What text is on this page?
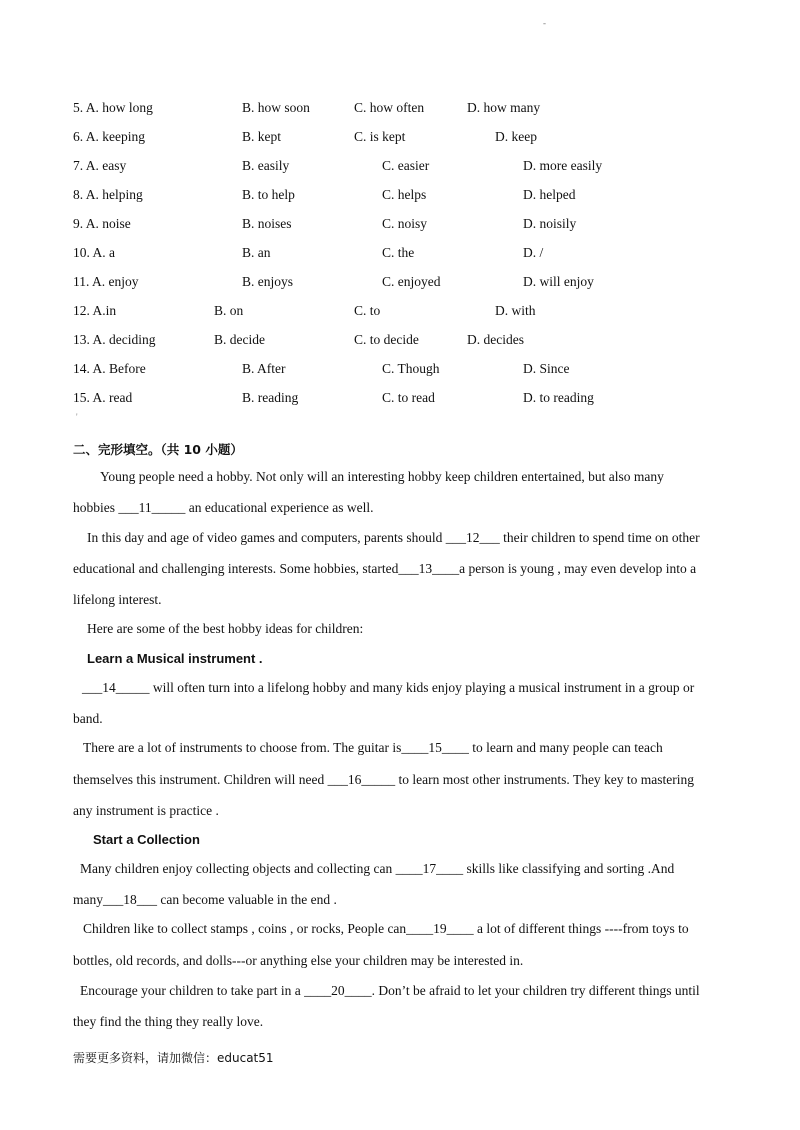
-
5. A. how long	B. how soon	C. how often	D. how many
6. A. keeping	B. kept	C. is kept	D. keep
7. A. easy	B. easily	C. easier	D. more easily
8. A. helping	B. to help	C. helps	D. helped
9. A. noise	B. noises	C. noisy	D. noisily
10. A. a	B. an	C. the	D. /
11. A. enjoy	B. enjoys	C. enjoyed	D. will enjoy
12. A.in	B. on	C. to	D. with
13. A. deciding	B. decide	C. to decide	D. decides
14. A. Before	B. After	C. Though	D. Since
15. A. read	B. reading	C. to read	D. to reading
'
二、完形填空。（共 10 小题）
Young people need a hobby. Not only will an interesting hobby keep children entertained, but also many
hobbies ___11_____ an educational experience as well.
In this day and age of video games and computers, parents should ___12___ their children to spend time on other
educational and challenging interests. Some hobbies, started___13____a person is young , may even develop into a
lifelong interest.
Here are some of the best hobby ideas for children:
Learn a Musical instrument .
___14_____ will often turn into a lifelong hobby and many kids enjoy playing a musical instrument in a group or
band.
There are a lot of instruments to choose from. The guitar is____15____ to learn and many people can teach
themselves this instrument. Children will need ___16_____ to learn most other instruments. They key to mastering
any instrument is practice .
Start a Collection
Many children enjoy collecting objects and collecting can ____17____ skills like classifying and sorting .And
many___18___ can become valuable in the end .
Children like to collect stamps , coins , or rocks, People can____19____ a lot of different things ----from toys to
bottles, old records, and dolls---or anything else your children may be interested in.
Encourage your children to take part in a ____20____. Don’t be afraid to let your children try different things until
they find the thing they really love.
需要更多资料，请加微信：educat51
